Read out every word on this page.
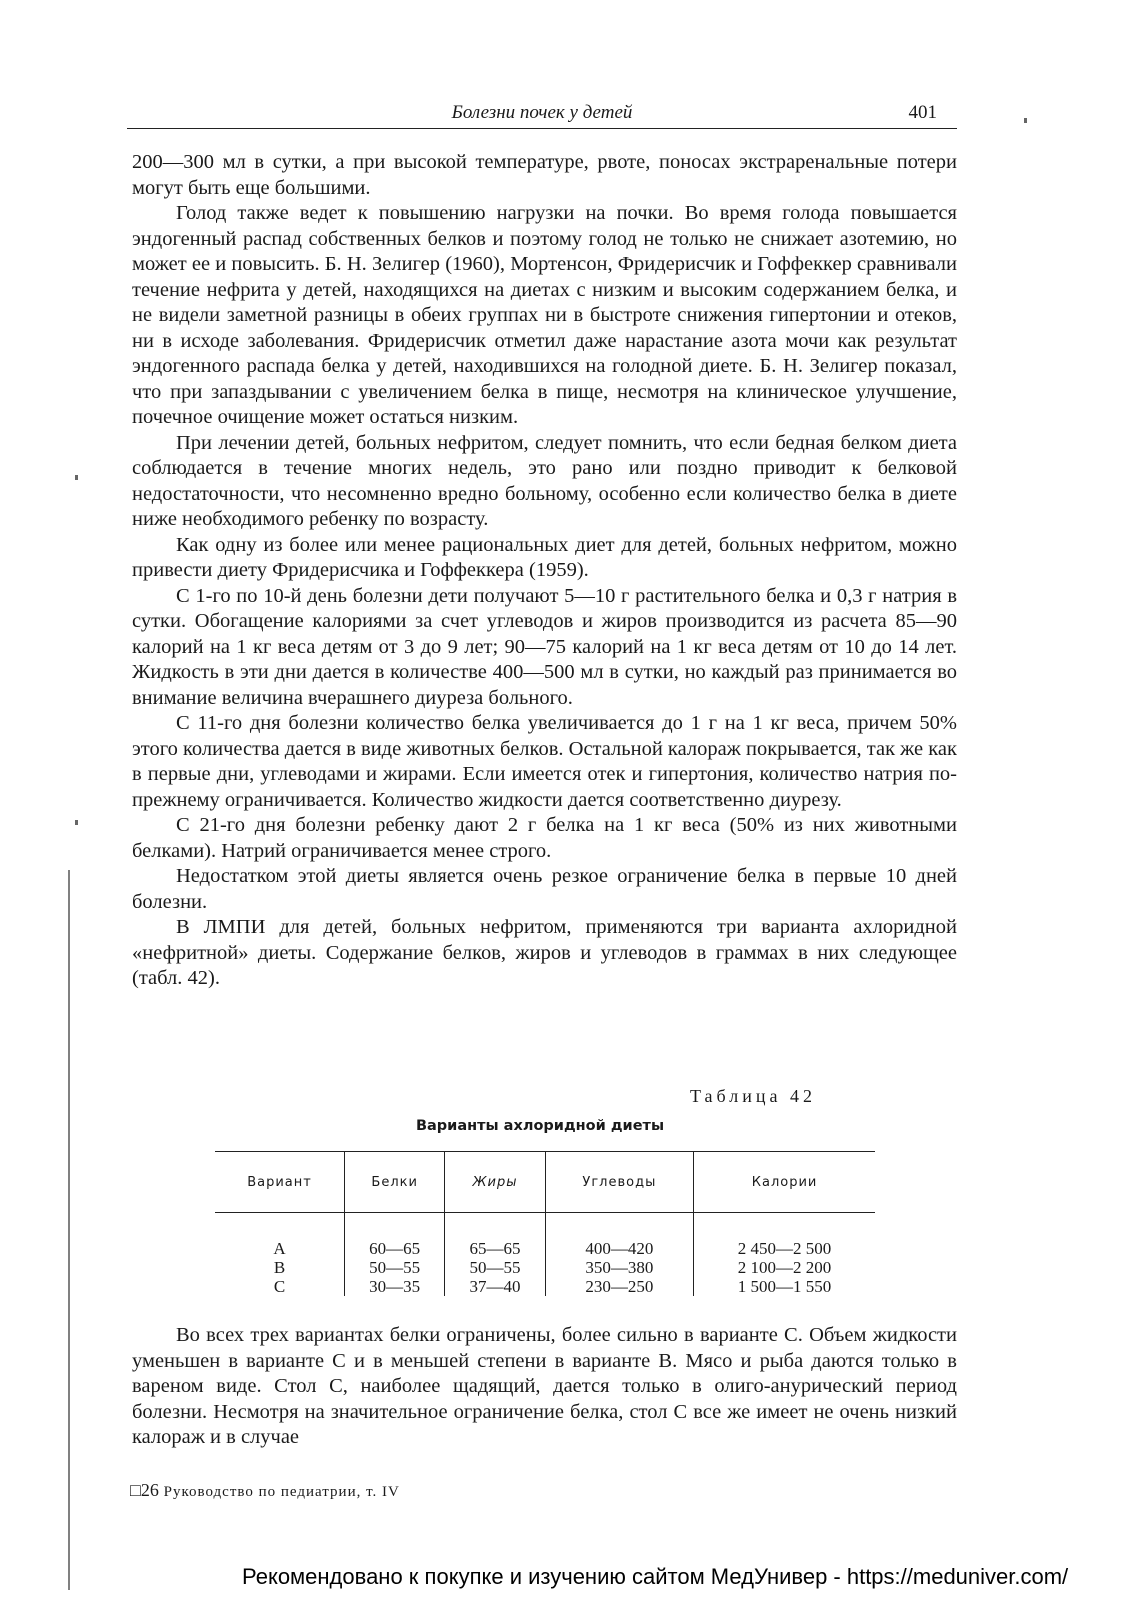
Болезни почек у детей	401

200—300 мл в сутки, а при высокой температуре, рвоте, поносах экстраренальные потери могут быть еще большими.

Голод также ведет к повышению нагрузки на почки. Во время голода повышается эндогенный распад собственных белков и поэтому голод не только не снижает азотемию, но может ее и повысить. Б. Н. Зелигер (1960), Мортенсон, Фридерисчик и Гоффеккер сравнивали течение нефрита у детей, находящихся на диетах с низким и высоким содержанием белка, и не видели заметной разницы в обеих группах ни в быстроте снижения гипертонии и отеков, ни в исходе заболевания. Фридерисчик отметил даже нарастание азота мочи как результат эндогенного распада белка у детей, находившихся на голодной диете. Б. Н. Зелигер показал, что при запаздывании с увеличением белка в пище, несмотря на клиническое улучшение, почечное очищение может остаться низким.

При лечении детей, больных нефритом, следует помнить, что если бедная белком диета соблюдается в течение многих недель, это рано или поздно приводит к белковой недостаточности, что несомненно вредно больному, особенно если количество белка в диете ниже необходимого ребенку по возрасту.

Как одну из более или менее рациональных диет для детей, больных нефритом, можно привести диету Фридерисчика и Гоффеккера (1959).

С 1-го по 10-й день болезни дети получают 5—10 г растительного белка и 0,3 г натрия в сутки. Обогащение калориями за счет углеводов и жиров производится из расчета 85—90 калорий на 1 кг веса детям от 3 до 9 лет; 90—75 калорий на 1 кг веса детям от 10 до 14 лет. Жидкость в эти дни дается в количестве 400—500 мл в сутки, но каждый раз принимается во внимание величина вчерашнего диуреза больного.

С 11-го дня болезни количество белка увеличивается до 1 г на 1 кг веса, причем 50% этого количества дается в виде животных белков. Остальной калораж покрывается, так же как в первые дни, углеводами и жирами. Если имеется отек и гипертония, количество натрия по-прежнему ограничивается. Количество жидкости дается соответственно диурезу.

С 21-го дня болезни ребенку дают 2 г белка на 1 кг веса (50% из них животными белками). Натрий ограничивается менее строго.

Недостатком этой диеты является очень резкое ограничение белка в первые 10 дней болезни.

В ЛМПИ для детей, больных нефритом, применяются три варианта ахлоридной «нефритной» диеты. Содержание белков, жиров и углеводов в граммах в них следующее (табл. 42).

Таблица 42
Варианты ахлоридной диеты
Вариант	Белки	Жиры	Углеводы	Калории
А	60—65	65—65	400—420	2 450—2 500
В	50—55	50—55	350—380	2 100—2 200
С	30—35	37—40	230—250	1 500—1 550

Во всех трех вариантах белки ограничены, более сильно в варианте С. Объем жидкости уменьшен в варианте С и в меньшей степени в варианте В. Мясо и рыба даются только в вареном виде. Стол С, наиболее щадящий, дается только в олиго-анурический период болезни. Несмотря на значительное ограничение белка, стол С все же имеет не очень низкий калораж и в случае

□26 Руководство по педиатрии, т. IV
Рекомендовано к покупке и изучению сайтом МедУнивер - https://meduniver.com/
